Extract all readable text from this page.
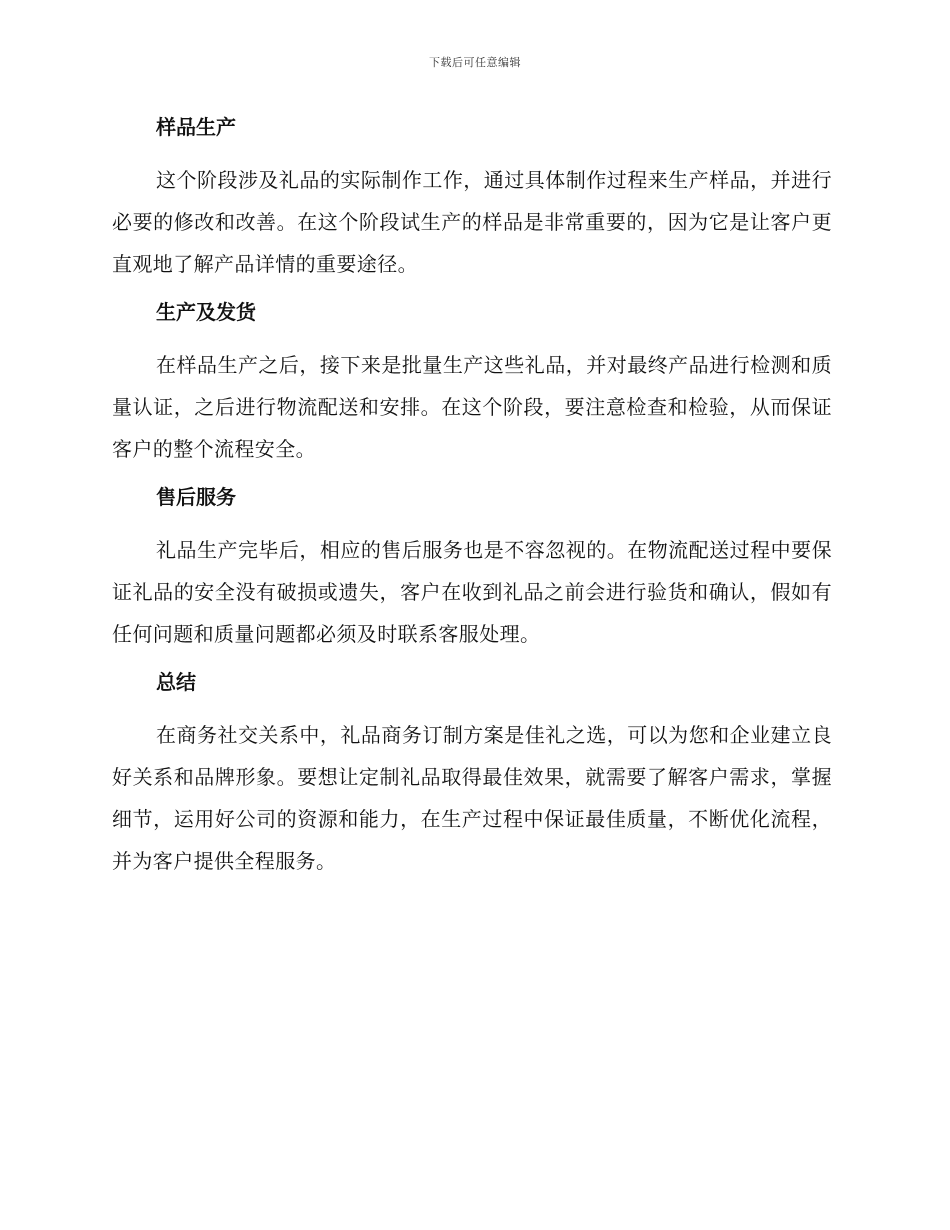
下载后可任意编辑
样品生产

这个阶段涉及礼品的实际制作工作，通过具体制作过程来生产样品，并进行必要的修改和改善。在这个阶段试生产的样品是非常重要的，因为它是让客户更直观地了解产品详情的重要途径。

生产及发货

在样品生产之后，接下来是批量生产这些礼品，并对最终产品进行检测和质量认证，之后进行物流配送和安排。在这个阶段，要注意检查和检验，从而保证客户的整个流程安全。

售后服务

礼品生产完毕后，相应的售后服务也是不容忽视的。在物流配送过程中要保证礼品的安全没有破损或遗失，客户在收到礼品之前会进行验货和确认，假如有任何问题和质量问题都必须及时联系客服处理。

总结

在商务社交关系中，礼品商务订制方案是佳礼之选，可以为您和企业建立良好关系和品牌形象。要想让定制礼品取得最佳效果，就需要了解客户需求，掌握细节，运用好公司的资源和能力，在生产过程中保证最佳质量，不断优化流程，并为客户提供全程服务。
